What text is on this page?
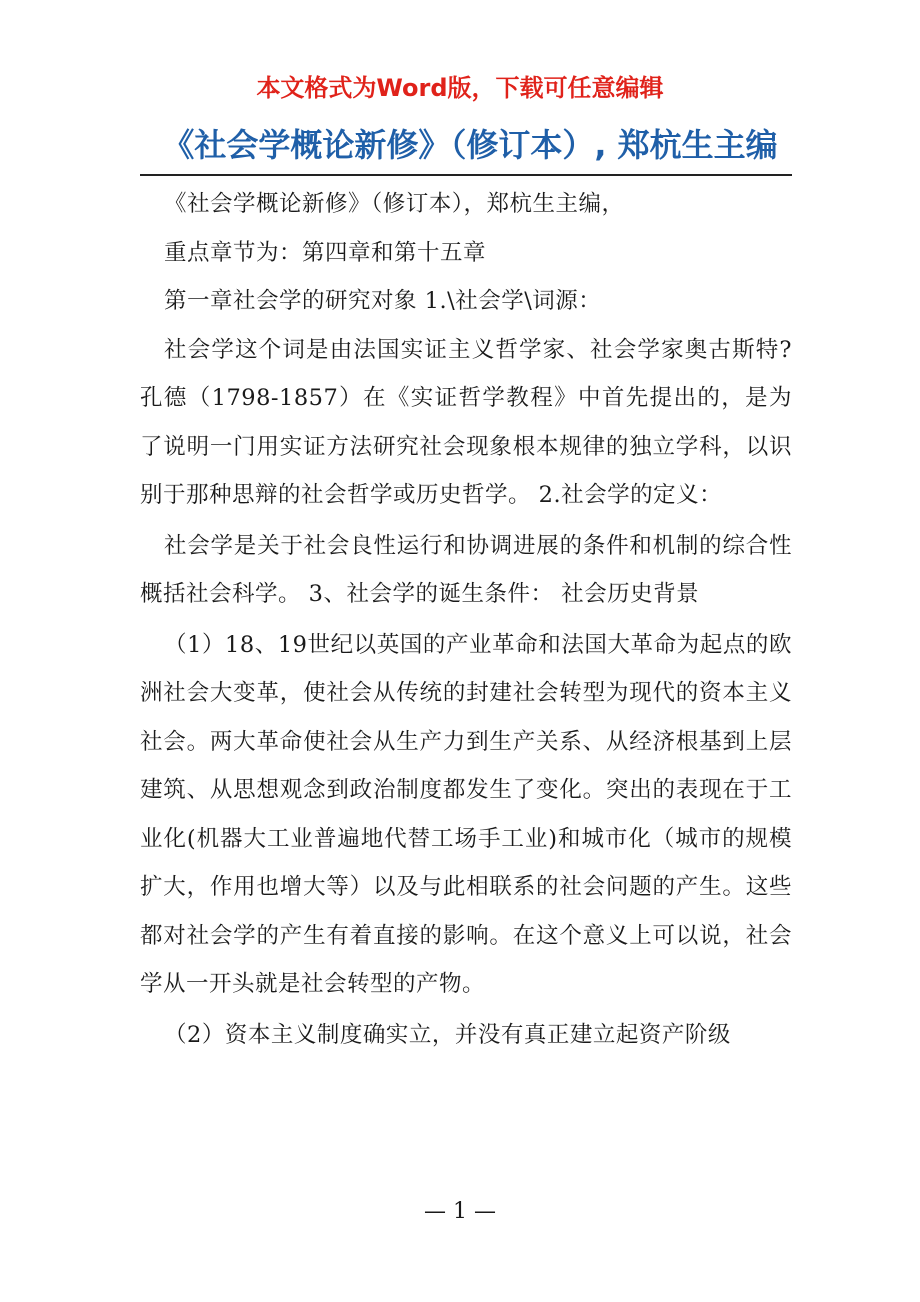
本文格式为Word版，下载可任意编辑
《社会学概论新修》（修订本）, 郑杭生主编

《社会学概论新修》（修订本），郑杭生主编，

重点章节为：第四章和第十五章

第一章社会学的研究对象 1.\社会学\词源：

社会学这个词是由法国实证主义哲学家、社会学家奥古斯特?孔德（1798-1857）在《实证哲学教程》中首先提出的，是为了说明一门用实证方法研究社会现象根本规律的独立学科，以识别于那种思辩的社会哲学或历史哲学。 2.社会学的定义：

社会学是关于社会良性运行和协调进展的条件和机制的综合性概括社会科学。 3、社会学的诞生条件： 社会历史背景

（1）18、19世纪以英国的产业革命和法国大革命为起点的欧洲社会大变革，使社会从传统的封建社会转型为现代的资本主义社会。两大革命使社会从生产力到生产关系、从经济根基到上层建筑、从思想观念到政治制度都发生了变化。突出的表现在于工业化(机器大工业普遍地代替工场手工业)和城市化（城市的规模扩大，作用也增大等）以及与此相联系的社会问题的产生。这些都对社会学的产生有着直接的影响。在这个意义上可以说，社会学从一开头就是社会转型的产物。

（2）资本主义制度确实立，并没有真正建立起资产阶级

— 1 —
